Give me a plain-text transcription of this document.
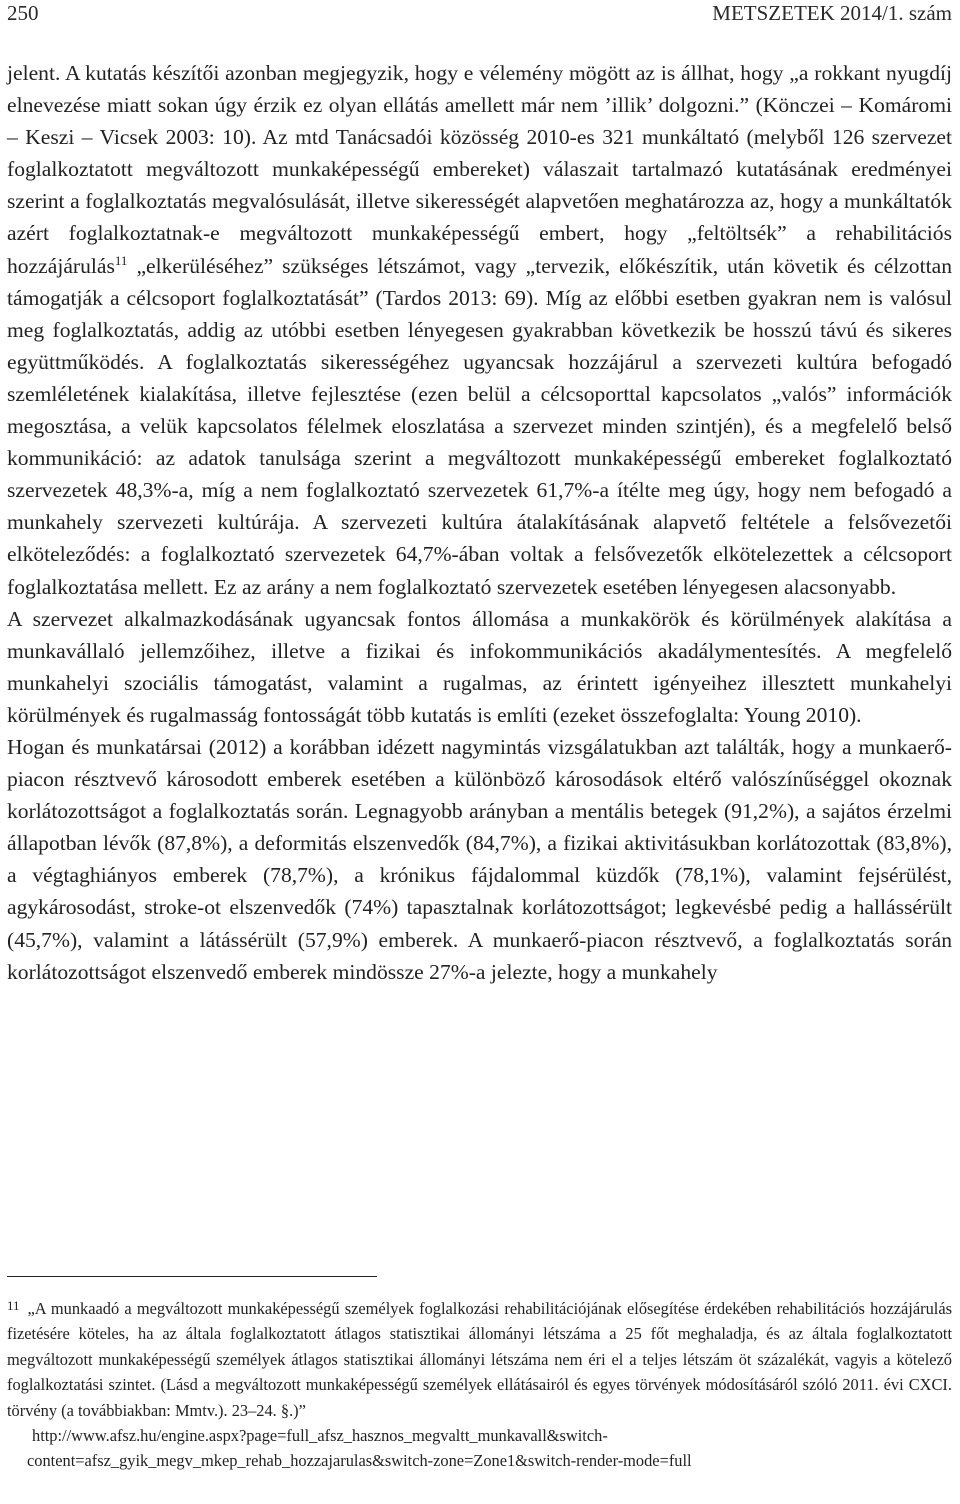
250	METSZETEK 2014/1. szám

jelent. A kutatás készítői azonban megjegyzik, hogy e vélemény mögött az is állhat, hogy „a rokkant nyugdíj elnevezése miatt sokan úgy érzik ez olyan ellátás amellett már nem ’illik’ dolgozni.” (Könczei – Komáromi – Keszi – Vicsek 2003: 10). Az mtd Tanácsadói közösség 2010-es 321 munkáltató (melyből 126 szervezet foglalkoztatott megváltozott munkaképességű embereket) válaszait tartalmazó kutatásának eredményei szerint a foglalkoztatás megvalósulását, illetve sikerességét alapvetően meghatározza az, hogy a munkáltatók azért foglalkoztatnak-e megváltozott munkaképességű embert, hogy „feltöltsék” a rehabilitációs hozzájárulás$^{11}$ „elkerüléséhez” szükséges létszámot, vagy „tervezik, előkészítik, után követik és célzottan támogatják a célcsoport foglalkoztatását” (Tardos 2013: 69). Míg az előbbi esetben gyakran nem is valósul meg foglalkoztatás, addig az utóbbi esetben lényegesen gyakrabban következik be hosszú távú és sikeres együttműködés. A foglalkoztatás sikerességéhez ugyancsak hozzájárul a szervezeti kultúra befogadó szemléletének kialakítása, illetve fejlesztése (ezen belül a célcsoporttal kapcsolatos „valós” információk megosztása, a velük kapcsolatos félelmek eloszlatása a szervezet minden szintjén), és a megfelelő belső kommunikáció: az adatok tanulsága szerint a megváltozott munkaképességű embereket foglalkoztató szervezetek 48,3%-a, míg a nem foglalkoztató szervezetek 61,7%-a ítélte meg úgy, hogy nem befogadó a munkahely szervezeti kultúrája. A szervezeti kultúra átalakításának alapvető feltétele a felsővezetői elköteleződés: a foglalkoztató szervezetek 64,7%-ában voltak a felsővezetők elkötelezettek a célcsoport foglalkoztatása mellett. Ez az arány a nem foglalkoztató szervezetek esetében lényegesen alacsonyabb.

A szervezet alkalmazkodásának ugyancsak fontos állomása a munkakörök és körülmények alakítása a munkavállaló jellemzőihez, illetve a fizikai és infokommunikációs akadálymentesítés. A megfelelő munkahelyi szociális támogatást, valamint a rugalmas, az érintett igényeihez illesztett munkahelyi körülmények és rugalmasság fontosságát több kutatás is említi (ezeket összefoglalta: Young 2010).

Hogan és munkatársai (2012) a korábban idézett nagymintás vizsgálatukban azt találták, hogy a munkaerő-piacon résztvevő károsodott emberek esetében a különböző károsodások eltérő valószínűséggel okoznak korlátozottságot a foglalkoztatás során. Legnagyobb arányban a mentális betegek (91,2%), a sajátos érzelmi állapotban lévők (87,8%), a deformitás elszenvedők (84,7%), a fizikai aktivitásukban korlátozottak (83,8%), a végtaghiányos emberek (78,7%), a krónikus fájdalommal küzdők (78,1%), valamint fejsérülést, agykárosodást, stroke-ot elszenvedők (74%) tapasztalnak korlátozottságot; legkevésbé pedig a hallássérült (45,7%), valamint a látássérült (57,9%) emberek. A munkaerő-piacon résztvevő, a foglalkoztatás során korlátozottságot elszenvedő emberek mindössze 27%-a jelezte, hogy a munkahely

$^{11}$ „A munkaadó a megváltozott munkaképességű személyek foglalkozási rehabilitációjának elősegítése érdekében rehabilitációs hozzájárulás fizetésére köteles, ha az általa foglalkoztatott átlagos statisztikai állományi létszáma a 25 főt meghaladja, és az általa foglalkoztatott megváltozott munkaképességű személyek átlagos statisztikai állományi létszáma nem éri el a teljes létszám öt százalékát, vagyis a kötelező foglalkoztatási szintet. (Lásd a megváltozott munkaképességű személyek ellátásairól és egyes törvények módosításáról szóló 2011. évi CXCI. törvény (a továbbiakban: Mmtv.). 23–24. §.)”
http://www.afsz.hu/engine.aspx?page=full_afsz_hasznos_megvaltt_munkavall&switch-
content=afsz_gyik_megv_mkep_rehab_hozzajarulas&switch-zone=Zone1&switch-render-mode=full
